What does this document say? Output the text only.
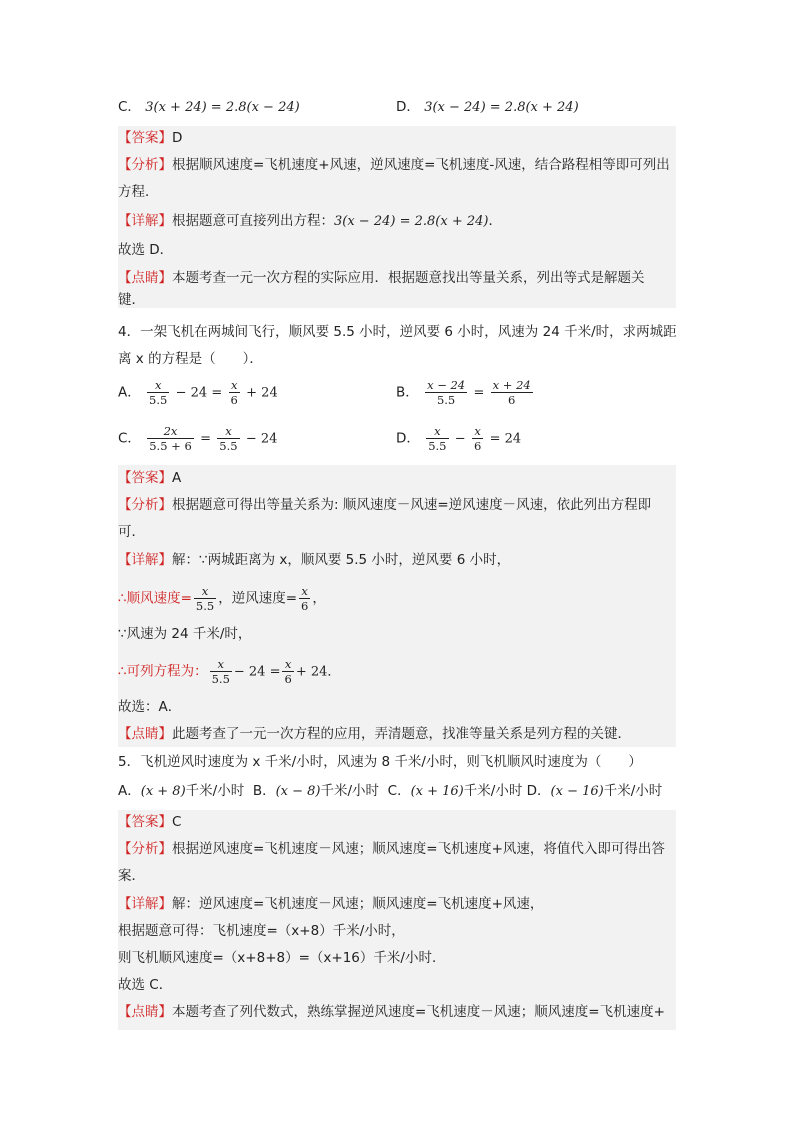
C． 3(x + 24) = 2.8(x − 24)	D． 3(x − 24) = 2.8(x + 24)
【答案】D
【分析】根据顺风速度=飞机速度+风速，逆风速度=飞机速度-风速，结合路程相等即可列出
方程．
【详解】根据题意可直接列出方程：3(x − 24) = 2.8(x + 24)．
故选 D．
【点睛】本题考查一元一次方程的实际应用．根据题意找出等量关系，列出等式是解题关
键．
4．一架飞机在两城间飞行，顺风要 5.5 小时，逆风要 6 小时，风速为 24 千米/时，求两城距
离 x 的方程是（　　）．
A． $\frac{x}{5.5} - 24 = \frac{x}{6} + 24$	B． $\frac{x - 24}{5.5} = \frac{x + 24}{6}$
C． $\frac{2x}{5.5 + 6} = \frac{x}{5.5} - 24$	D． $\frac{x}{5.5} - \frac{x}{6} = 24$
【答案】A
【分析】根据题意可得出等量关系为: 顺风速度－风速=逆风速度－风速，依此列出方程即
可．
【详解】解：∵两城距离为 x，顺风要 5.5 小时，逆风要 6 小时，
∴顺风速度= $\frac{x}{5.5}$ ，逆风速度= $\frac{x}{6}$ ，
∵风速为 24 千米/时，
∴可列方程为： $\frac{x}{5.5} - 24 = \frac{x}{6} + 24$．
故选：A．
【点睛】此题考查了一元一次方程的应用，弄清题意，找准等量关系是列方程的关键．
5．飞机逆风时速度为 x 千米/小时，风速为 8 千米/小时，则飞机顺风时速度为（　　）
A．(x + 8)千米/小时 B．(x − 8)千米/小时 C．(x + 16)千米/小时 D．(x − 16)千米/小时
【答案】C
【分析】根据逆风速度=飞机速度－风速；顺风速度=飞机速度+风速，将值代入即可得出答
案．
【详解】解：逆风速度=飞机速度－风速；顺风速度=飞机速度+风速，
根据题意可得：飞机速度=（x+8）千米/小时，
则飞机顺风速度=（x+8+8）=（x+16）千米/小时．
故选 C．
【点睛】本题考查了列代数式，熟练掌握逆风速度=飞机速度－风速；顺风速度=飞机速度+
